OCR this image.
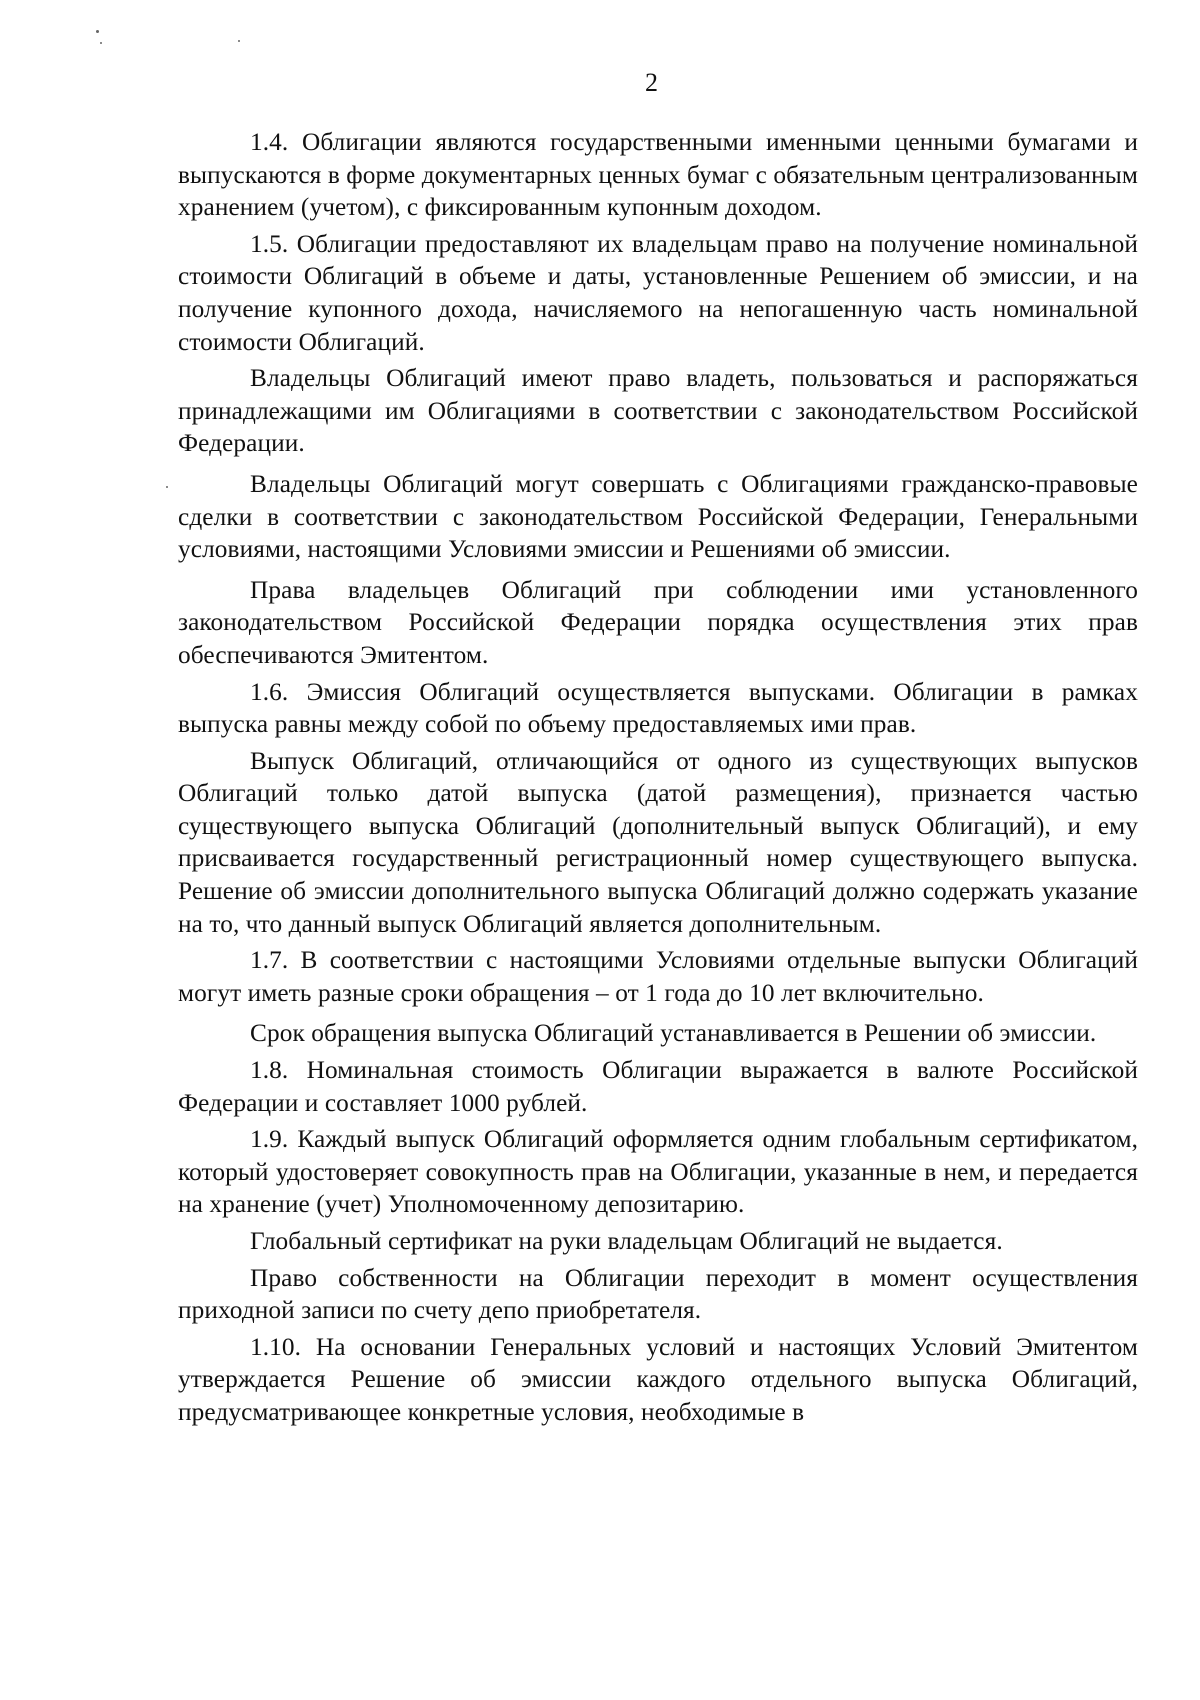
2

1.4. Облигации являются государственными именными ценными бумагами и выпускаются в форме документарных ценных бумаг с обязательным централизованным хранением (учетом), с фиксированным купонным доходом.

1.5. Облигации предоставляют их владельцам право на получение номинальной стоимости Облигаций в объеме и даты, установленные Решением об эмиссии, и на получение купонного дохода, начисляемого на непогашенную часть номинальной стоимости Облигаций.

Владельцы Облигаций имеют право владеть, пользоваться и распоряжаться принадлежащими им Облигациями в соответствии с законодательством Российской Федерации.

Владельцы Облигаций могут совершать с Облигациями гражданско-правовые сделки в соответствии с законодательством Российской Федерации, Генеральными условиями, настоящими Условиями эмиссии и Решениями об эмиссии.

Права владельцев Облигаций при соблюдении ими установленного законодательством Российской Федерации порядка осуществления этих прав обеспечиваются Эмитентом.

1.6. Эмиссия Облигаций осуществляется выпусками. Облигации в рамках выпуска равны между собой по объему предоставляемых ими прав.

Выпуск Облигаций, отличающийся от одного из существующих выпусков Облигаций только датой выпуска (датой размещения), признается частью существующего выпуска Облигаций (дополнительный выпуск Облигаций), и ему присваивается государственный регистрационный номер существующего выпуска. Решение об эмиссии дополнительного выпуска Облигаций должно содержать указание на то, что данный выпуск Облигаций является дополнительным.

1.7. В соответствии с настоящими Условиями отдельные выпуски Облигаций могут иметь разные сроки обращения – от 1 года до 10 лет включительно.

Срок обращения выпуска Облигаций устанавливается в Решении об эмиссии.

1.8. Номинальная стоимость Облигации выражается в валюте Российской Федерации и составляет 1000 рублей.

1.9. Каждый выпуск Облигаций оформляется одним глобальным сертификатом, который удостоверяет совокупность прав на Облигации, указанные в нем, и передается на хранение (учет) Уполномоченному депозитарию.

Глобальный сертификат на руки владельцам Облигаций не выдается.

Право собственности на Облигации переходит в момент осуществления приходной записи по счету депо приобретателя.

1.10. На основании Генеральных условий и настоящих Условий Эмитентом утверждается Решение об эмиссии каждого отдельного выпуска Облигаций, предусматривающее конкретные условия, необходимые в
